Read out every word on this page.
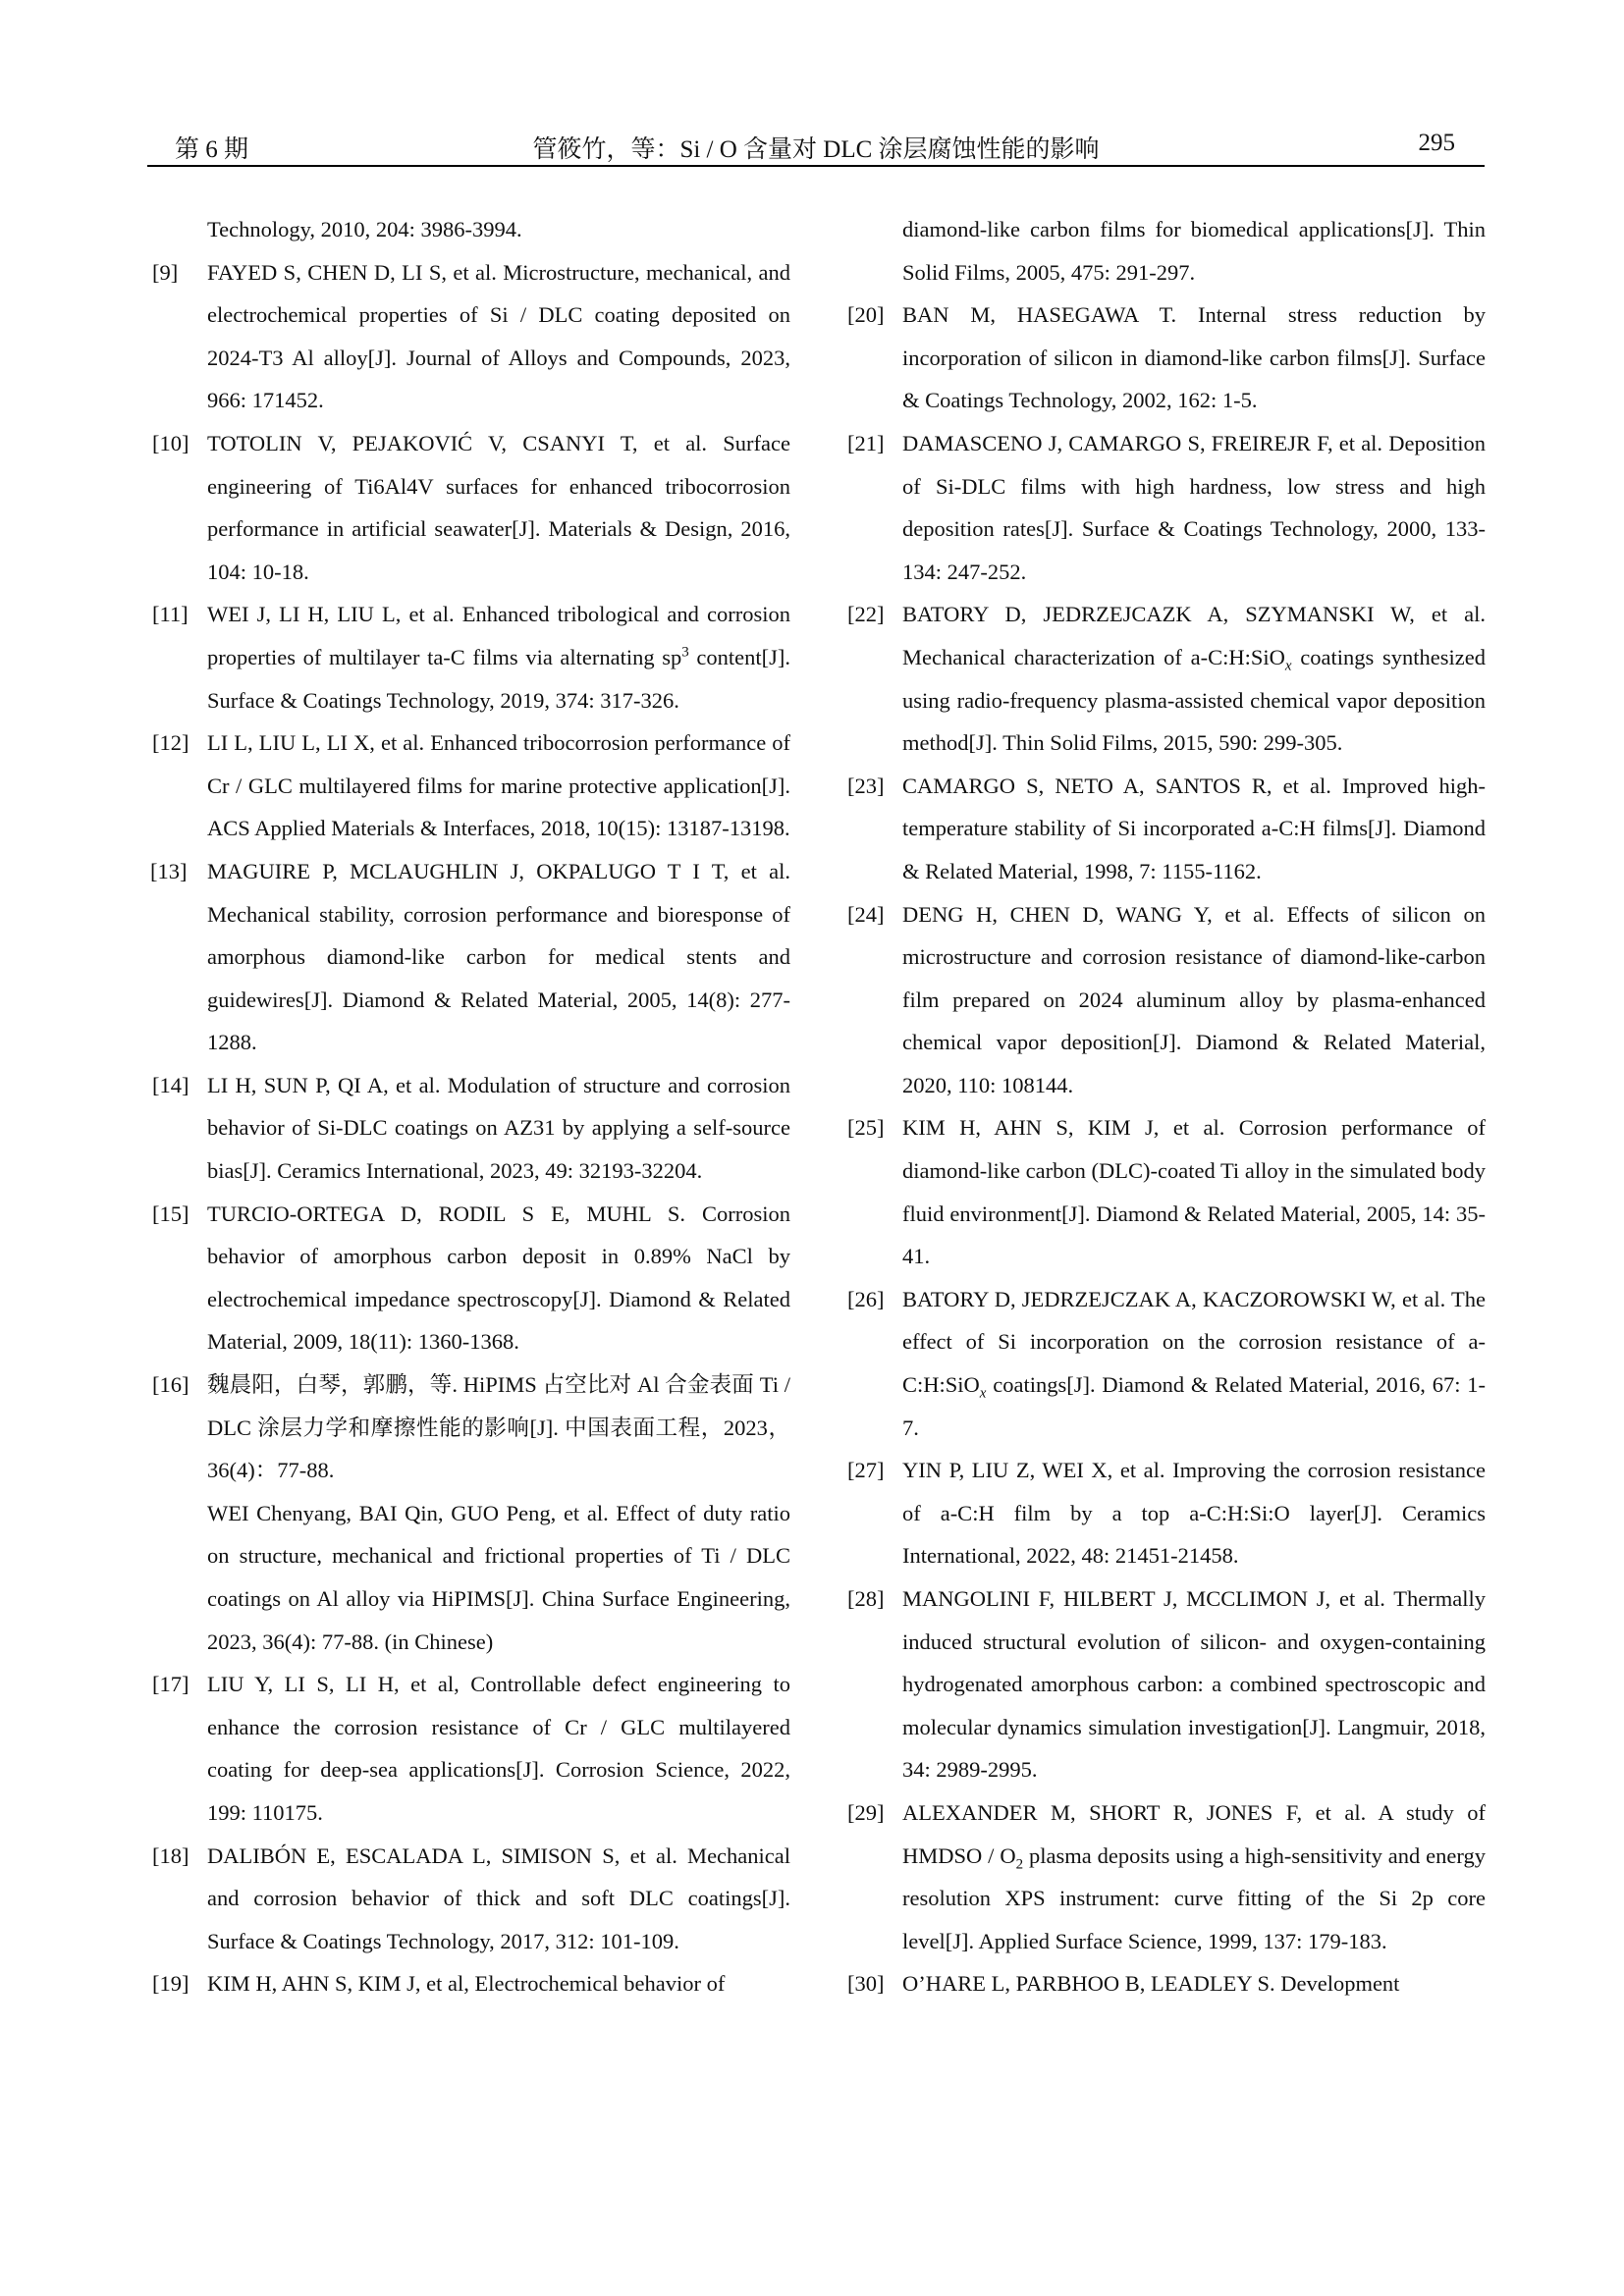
第 6 期	管筱竹，等：Si / O 含量对 DLC 涂层腐蚀性能的影响	295

Technology, 2010, 204: 3986-3994.

[9] FAYED S, CHEN D, LI S, et al. Microstructure, mechanical, and electrochemical properties of Si / DLC coating deposited on 2024-T3 Al alloy[J]. Journal of Alloys and Compounds, 2023, 966: 171452.

[10] TOTOLIN V, PEJAKOVIĆ V, CSANYI T, et al. Surface engineering of Ti6Al4V surfaces for enhanced tribocorrosion performance in artificial seawater[J]. Materials & Design, 2016, 104: 10-18.

[11] WEI J, LI H, LIU L, et al. Enhanced tribological and corrosion properties of multilayer ta-C films via alternating $sp^3$ content[J]. Surface & Coatings Technology, 2019, 374: 317-326.

[12] LI L, LIU L, LI X, et al. Enhanced tribocorrosion performance of Cr / GLC multilayered films for marine protective application[J]. ACS Applied Materials & Interfaces, 2018, 10(15): 13187-13198.

[13] MAGUIRE P, MCLAUGHLIN J, OKPALUGO T I T, et al. Mechanical stability, corrosion performance and bioresponse of amorphous diamond-like carbon for medical stents and guidewires[J]. Diamond & Related Material, 2005, 14(8): 277-1288.

[14] LI H, SUN P, QI A, et al. Modulation of structure and corrosion behavior of Si-DLC coatings on AZ31 by applying a self-source bias[J]. Ceramics International, 2023, 49: 32193-32204.

[15] TURCIO-ORTEGA D, RODIL S E, MUHL S. Corrosion behavior of amorphous carbon deposit in 0.89% NaCl by electrochemical impedance spectroscopy[J]. Diamond & Related Material, 2009, 18(11): 1360-1368.

[16] 魏晨阳，白琴，郭鹏，等. HiPIMS 占空比对 Al 合金表面 Ti / DLC 涂层力学和摩擦性能的影响[J]. 中国表面工程，2023，36(4)：77-88.

WEI Chenyang, BAI Qin, GUO Peng, et al. Effect of duty ratio on structure, mechanical and frictional properties of Ti / DLC coatings on Al alloy via HiPIMS[J]. China Surface Engineering, 2023, 36(4): 77-88. (in Chinese)

[17] LIU Y, LI S, LI H, et al, Controllable defect engineering to enhance the corrosion resistance of Cr / GLC multilayered coating for deep-sea applications[J]. Corrosion Science, 2022, 199: 110175.

[18] DALIBÓN E, ESCALADA L, SIMISON S, et al. Mechanical and corrosion behavior of thick and soft DLC coatings[J]. Surface & Coatings Technology, 2017, 312: 101-109.

[19] KIM H, AHN S, KIM J, et al, Electrochemical behavior of

diamond-like carbon films for biomedical applications[J]. Thin Solid Films, 2005, 475: 291-297.

[20] BAN M, HASEGAWA T. Internal stress reduction by incorporation of silicon in diamond-like carbon films[J]. Surface & Coatings Technology, 2002, 162: 1-5.

[21] DAMASCENO J, CAMARGO S, FREIREJR F, et al. Deposition of Si-DLC films with high hardness, low stress and high deposition rates[J]. Surface & Coatings Technology, 2000, 133-134: 247-252.

[22] BATORY D, JEDRZEJCAZK A, SZYMANSKI W, et al. Mechanical characterization of a-C:H:SiO$_x$ coatings synthesized using radio-frequency plasma-assisted chemical vapor deposition method[J]. Thin Solid Films, 2015, 590: 299-305.

[23] CAMARGO S, NETO A, SANTOS R, et al. Improved high-temperature stability of Si incorporated a-C:H films[J]. Diamond & Related Material, 1998, 7: 1155-1162.

[24] DENG H, CHEN D, WANG Y, et al. Effects of silicon on microstructure and corrosion resistance of diamond-like-carbon film prepared on 2024 aluminum alloy by plasma-enhanced chemical vapor deposition[J]. Diamond & Related Material, 2020, 110: 108144.

[25] KIM H, AHN S, KIM J, et al. Corrosion performance of diamond-like carbon (DLC)-coated Ti alloy in the simulated body fluid environment[J]. Diamond & Related Material, 2005, 14: 35-41.

[26] BATORY D, JEDRZEJCZAK A, KACZOROWSKI W, et al. The effect of Si incorporation on the corrosion resistance of a-C:H:SiO$_x$ coatings[J]. Diamond & Related Material, 2016, 67: 1-7.

[27] YIN P, LIU Z, WEI X, et al. Improving the corrosion resistance of a-C:H film by a top a-C:H:Si:O layer[J]. Ceramics International, 2022, 48: 21451-21458.

[28] MANGOLINI F, HILBERT J, MCCLIMON J, et al. Thermally induced structural evolution of silicon- and oxygen-containing hydrogenated amorphous carbon: a combined spectroscopic and molecular dynamics simulation investigation[J]. Langmuir, 2018, 34: 2989-2995.

[29] ALEXANDER M, SHORT R, JONES F, et al. A study of HMDSO / $O_2$ plasma deposits using a high-sensitivity and energy resolution XPS instrument: curve fitting of the Si 2p core level[J]. Applied Surface Science, 1999, 137: 179-183.

[30] O’HARE L, PARBHOO B, LEADLEY S. Development
